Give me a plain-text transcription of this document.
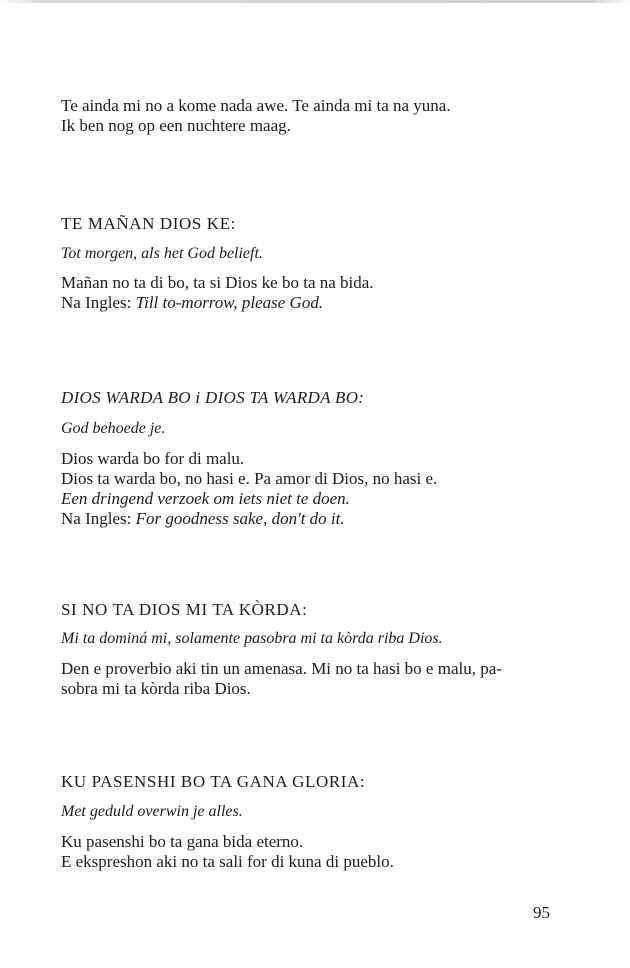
Te ainda mi no a kome nada awe. Te ainda mi ta na yuna.

Ik ben nog op een nuchtere maag.

TE MAÑAN DIOS KE:

Tot morgen, als het God belieft.

Mañan no ta di bo, ta si Dios ke bo ta na bida.

Na Ingles: Till to-morrow, please God.

DIOS WARDA BO i DIOS TA WARDA BO:

God behoede je.

Dios warda bo for di malu.

Dios ta warda bo, no hasi e. Pa amor di Dios, no hasi e.

Een dringend verzoek om iets niet te doen.

Na Ingles: For goodness sake, don't do it.

SI NO TA DIOS MI TA KÒRDA:

Mi ta dominá mi, solamente pasobra mi ta kòrda riba Dios.

Den e proverbio aki tin un amenasa. Mi no ta hasi bo e malu, pa-

sobra mi ta kòrda riba Dios.

KU PASENSHI BO TA GANA GLORIA:

Met geduld overwin je alles.

Ku pasenshi bo ta gana bida eterno.

E ekspreshon aki no ta sali for di kuna di pueblo.

95
